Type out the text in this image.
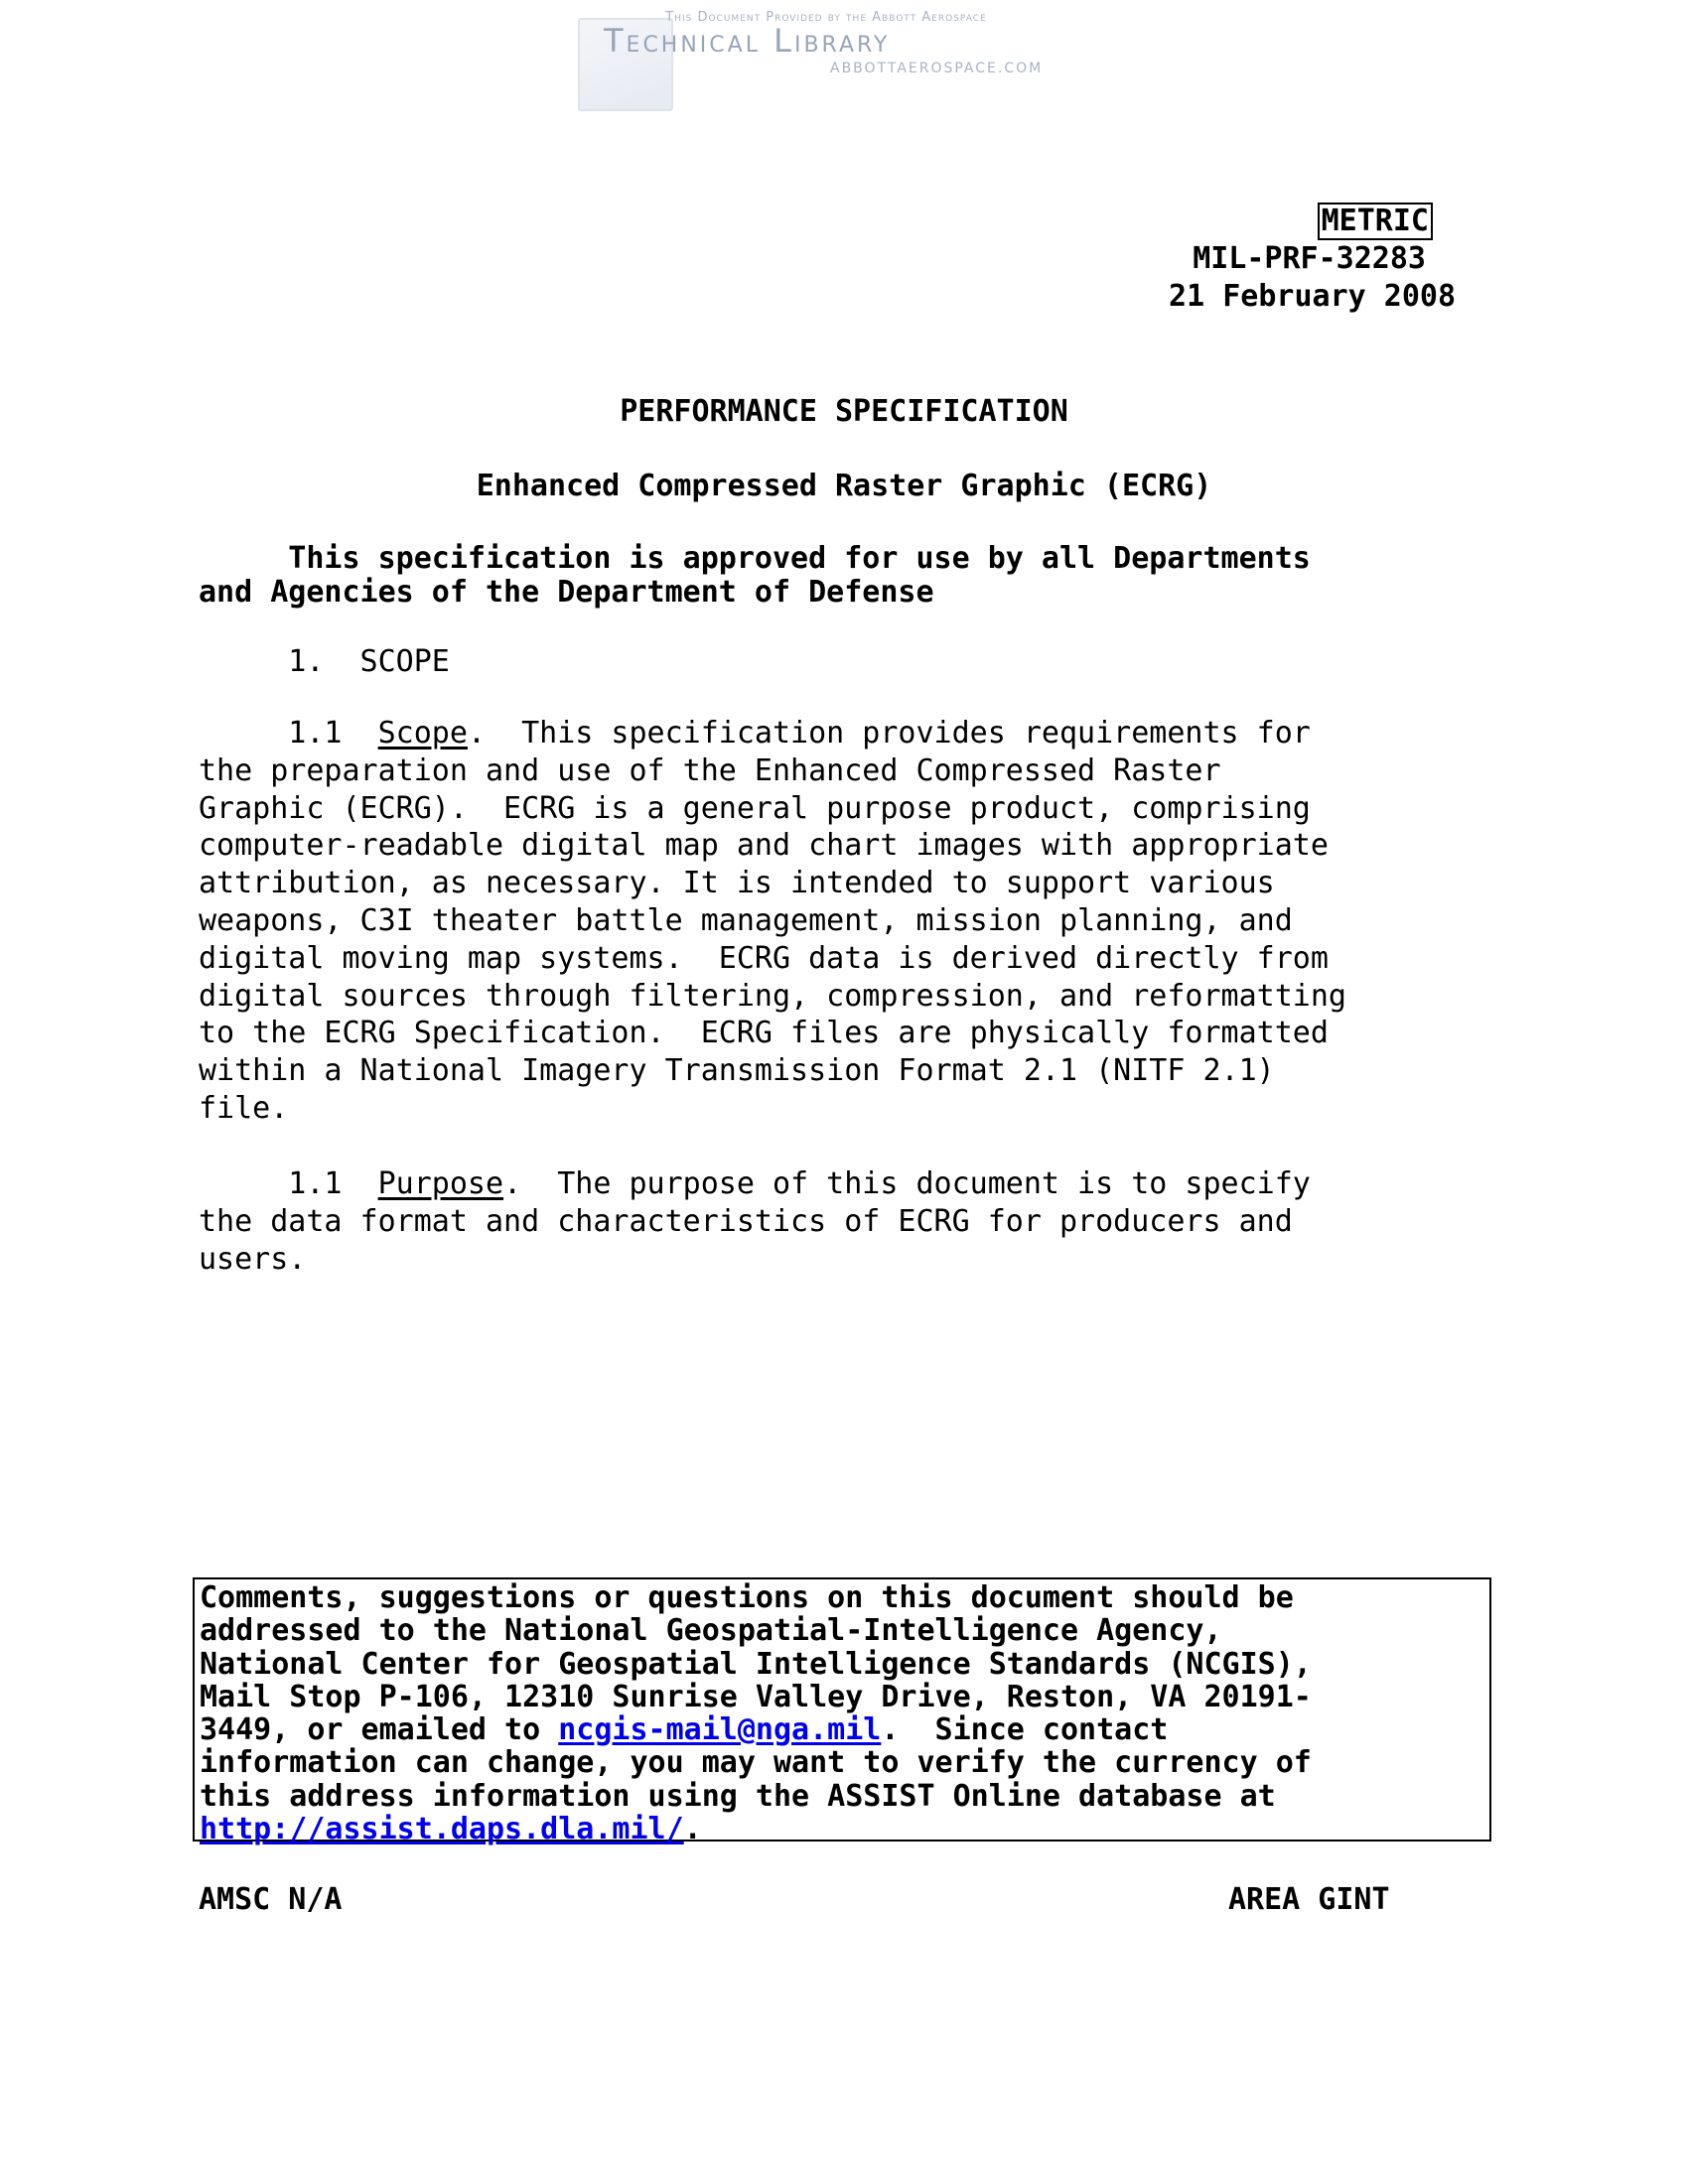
This Document Provided by the Abbott Aerospace
Technical Library
ABBOTTAEROSPACE.COM
METRIC
MIL-PRF-32283
21 February 2008
PERFORMANCE SPECIFICATION
Enhanced Compressed Raster Graphic (ECRG)
This specification is approved for use by all Departments
and Agencies of the Department of Defense
1.  SCOPE
1.1  Scope.  This specification provides requirements for
the preparation and use of the Enhanced Compressed Raster
Graphic (ECRG).  ECRG is a general purpose product, comprising
computer-readable digital map and chart images with appropriate
attribution, as necessary. It is intended to support various
weapons, C3I theater battle management, mission planning, and
digital moving map systems.  ECRG data is derived directly from
digital sources through filtering, compression, and reformatting
to the ECRG Specification.  ECRG files are physically formatted
within a National Imagery Transmission Format 2.1 (NITF 2.1)
file.
1.1  Purpose.  The purpose of this document is to specify
the data format and characteristics of ECRG for producers and
users.
Comments, suggestions or questions on this document should be
addressed to the National Geospatial-Intelligence Agency,
National Center for Geospatial Intelligence Standards (NCGIS),
Mail Stop P-106, 12310 Sunrise Valley Drive, Reston, VA 20191-
3449, or emailed to ncgis-mail@nga.mil.  Since contact
information can change, you may want to verify the currency of
this address information using the ASSIST Online database at
http://assist.daps.dla.mil/.
AMSC N/A	AREA GINT
